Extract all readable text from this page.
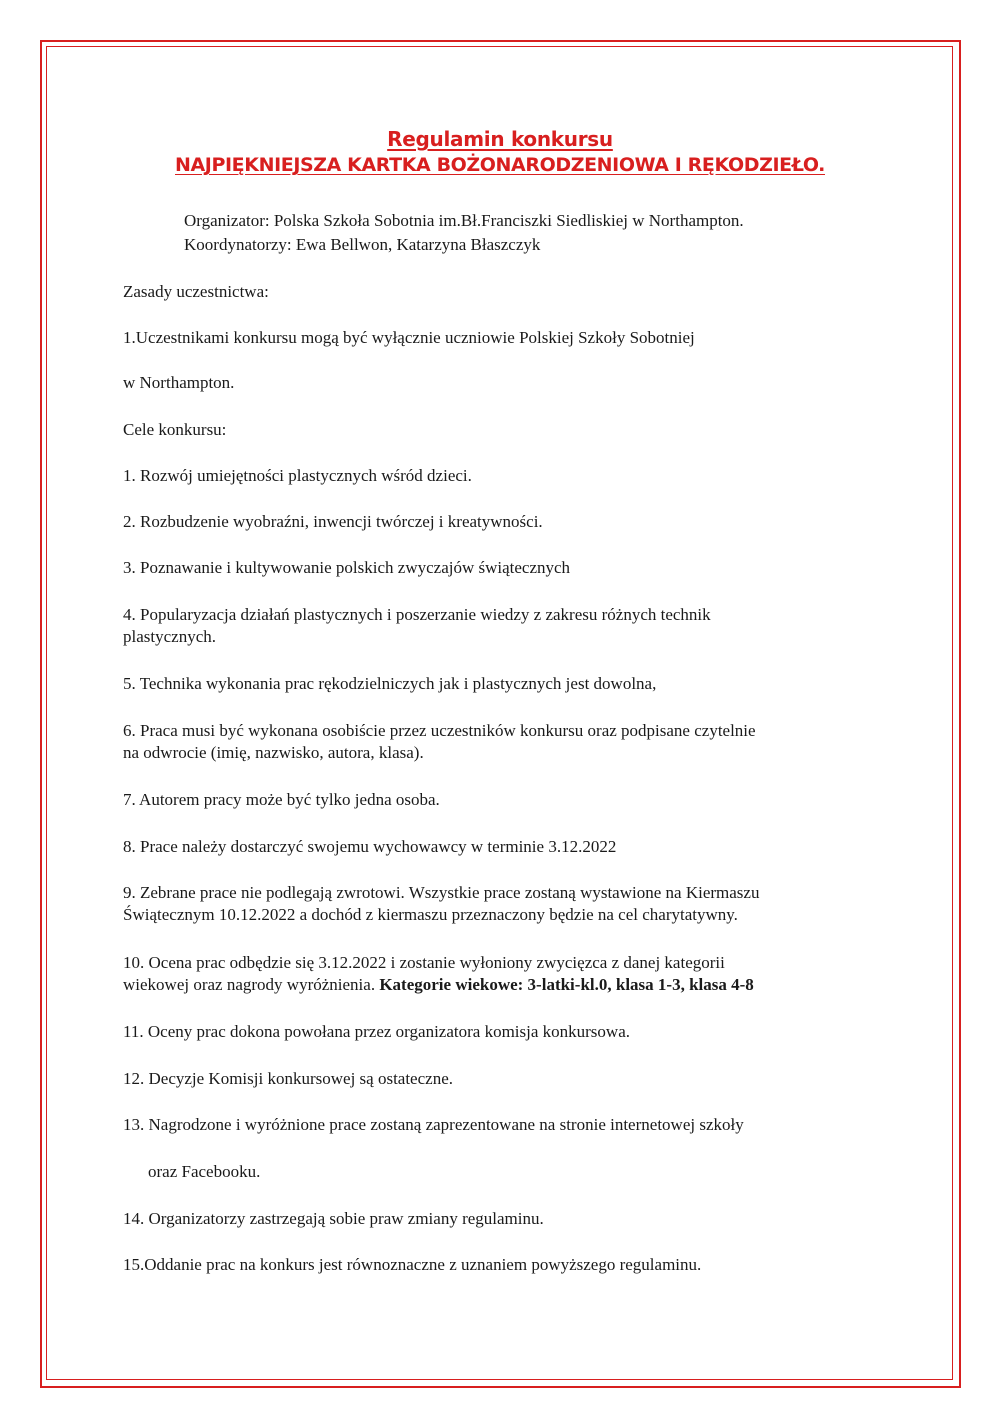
Regulamin konkursu
NAJPIĘKNIEJSZA KARTKA BOŻONARODZENIOWA I RĘKODZIEŁO.
Organizator: Polska Szkoła Sobotnia im.Bł.Franciszki Siedliskiej w Northampton.
Koordynatorzy: Ewa Bellwon, Katarzyna Błaszczyk
Zasady uczestnictwa:
1.Uczestnikami konkursu mogą być wyłącznie uczniowie Polskiej Szkoły Sobotniej
w Northampton.
Cele konkursu:
1. Rozwój umiejętności plastycznych wśród dzieci.
2. Rozbudzenie wyobraźni, inwencji twórczej i kreatywności.
3. Poznawanie i kultywowanie polskich zwyczajów świątecznych
4. Popularyzacja działań plastycznych i poszerzanie wiedzy z zakresu różnych technik
plastycznych.
5. Technika wykonania prac rękodzielniczych jak i plastycznych jest dowolna,
6. Praca musi być wykonana osobiście przez uczestników konkursu oraz podpisane czytelnie
na odwrocie (imię, nazwisko, autora, klasa).
7. Autorem pracy może być tylko jedna osoba.
8. Prace należy dostarczyć swojemu wychowawcy w terminie 3.12.2022
9. Zebrane prace nie podlegają zwrotowi. Wszystkie prace zostaną wystawione na Kiermaszu
Świątecznym 10.12.2022 a dochód z kiermaszu przeznaczony będzie na cel charytatywny.
10. Ocena prac odbędzie się 3.12.2022 i zostanie wyłoniony zwycięzca z danej kategorii
wiekowej oraz nagrody wyróżnienia. Kategorie wiekowe: 3-latki-kl.0, klasa 1-3, klasa 4-8
11. Oceny prac dokona powołana przez organizatora komisja konkursowa.
12. Decyzje Komisji konkursowej są ostateczne.
13. Nagrodzone i wyróżnione prace zostaną zaprezentowane na stronie internetowej szkoły
oraz Facebooku.
14. Organizatorzy zastrzegają sobie praw zmiany regulaminu.
15.Oddanie prac na konkurs jest równoznaczne z uznaniem powyższego regulaminu.
